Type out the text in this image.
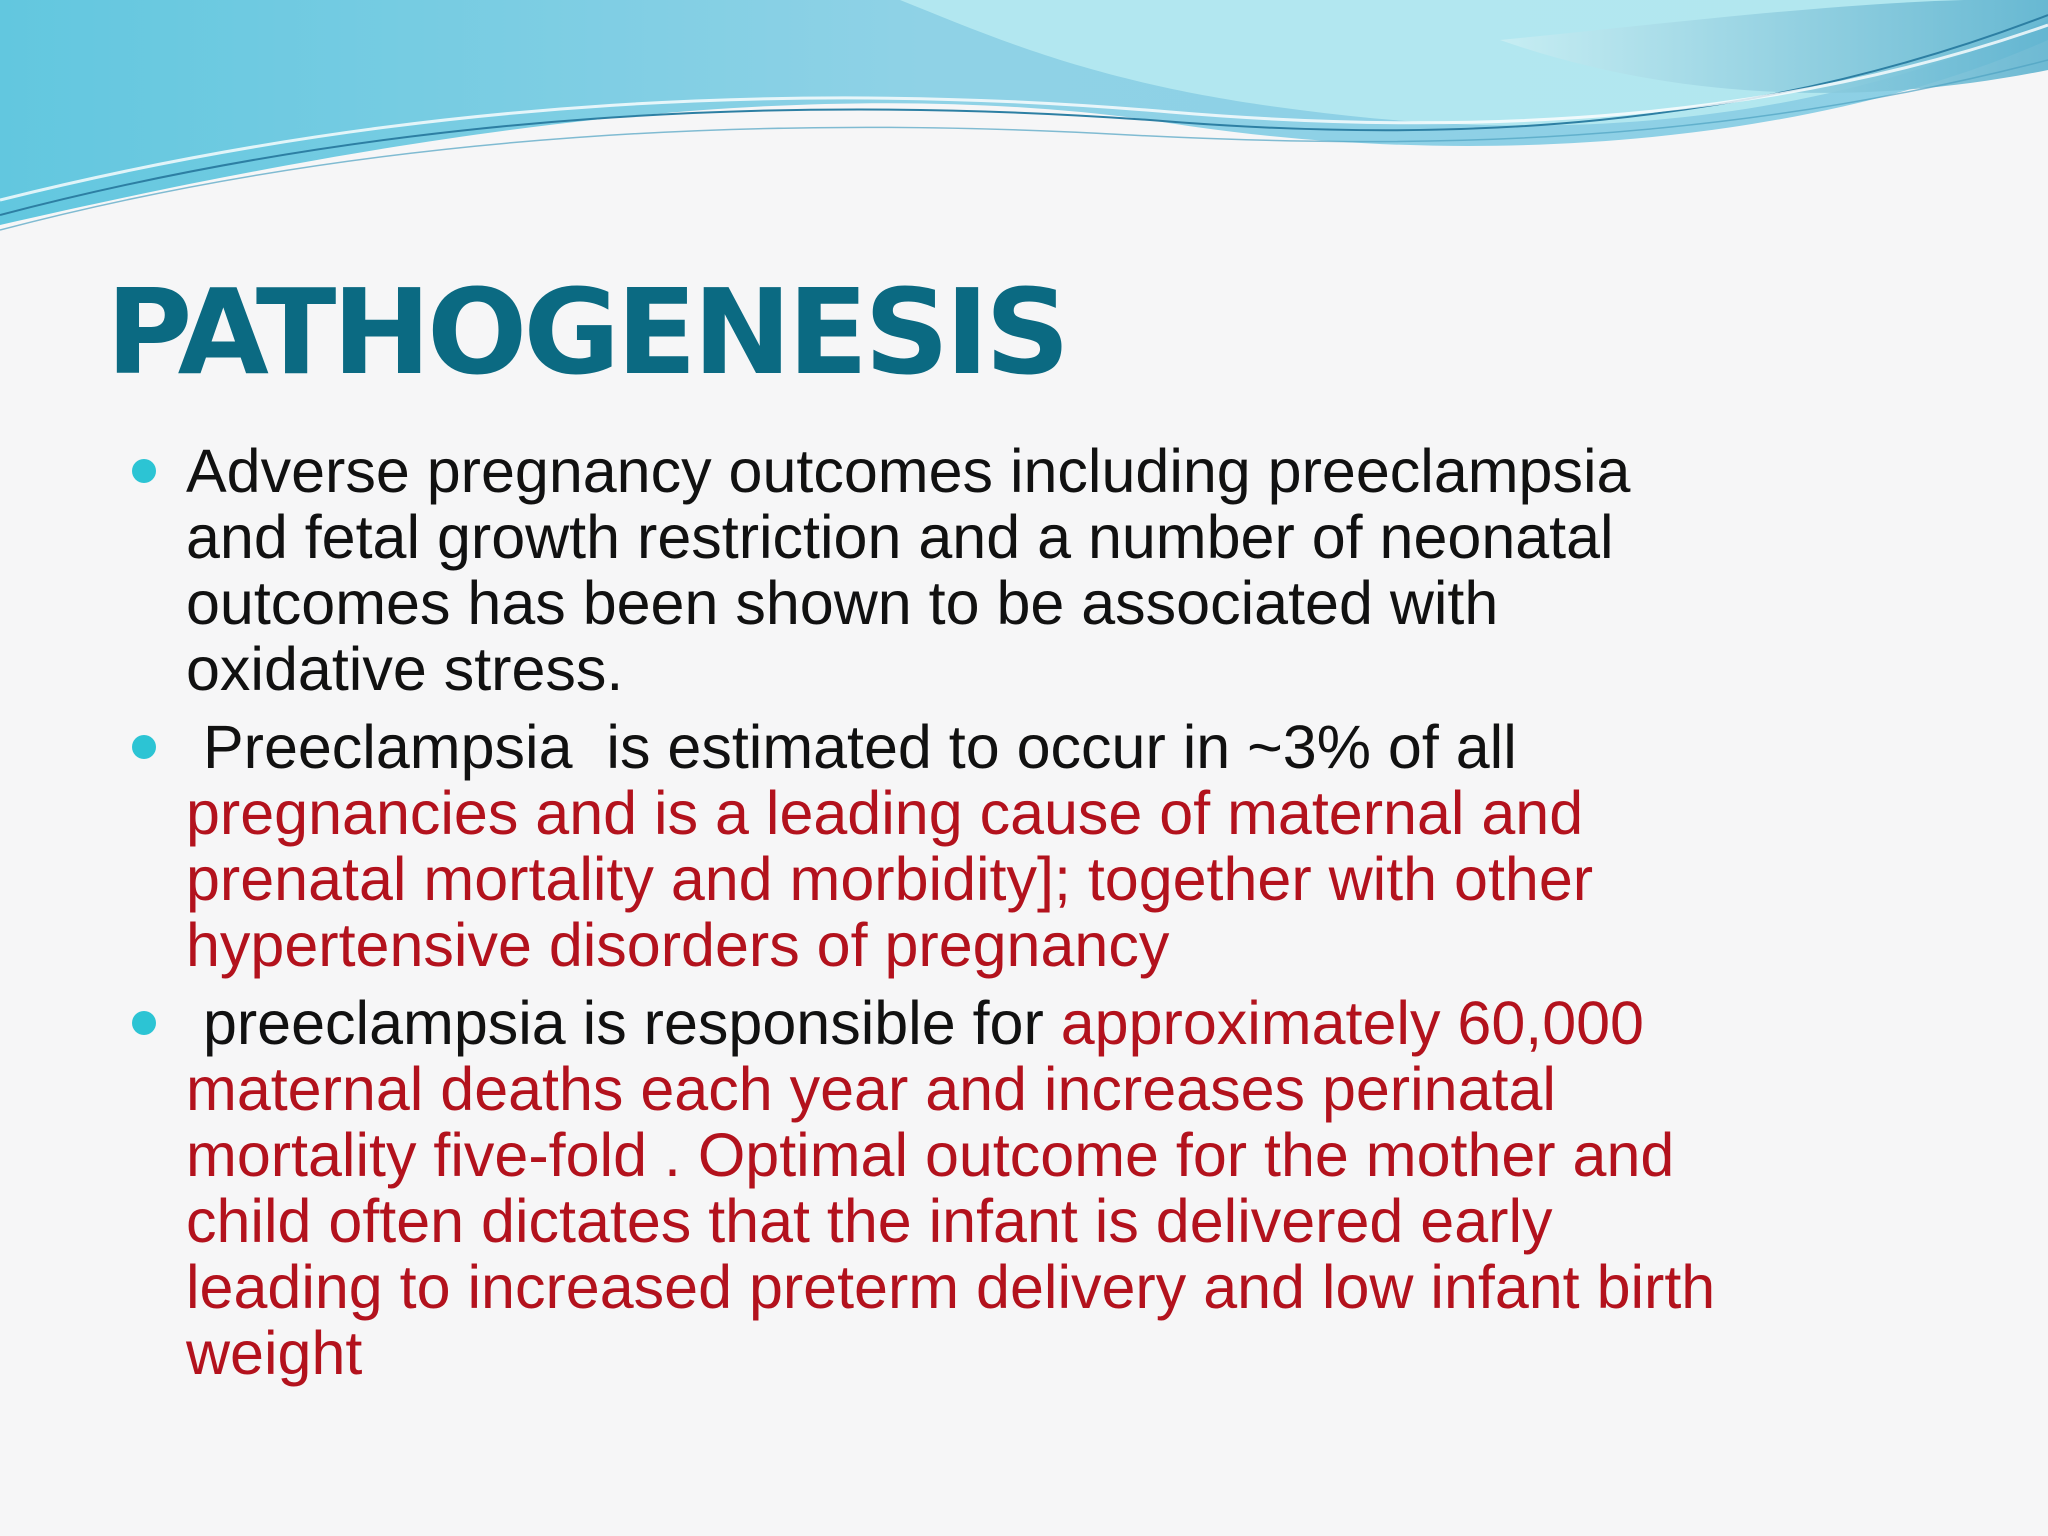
PATHOGENESIS
Adverse pregnancy outcomes including preeclampsia
and fetal growth restriction and a number of neonatal
outcomes has been shown to be associated with
oxidative stress.
Preeclampsia  is estimated to occur in ~3% of all
pregnancies and is a leading cause of maternal and
prenatal mortality and morbidity]; together with other
hypertensive disorders of pregnancy
preeclampsia is responsible for approximately 60,000
maternal deaths each year and increases perinatal
mortality five-fold . Optimal outcome for the mother and
child often dictates that the infant is delivered early
leading to increased preterm delivery and low infant birth
weight
